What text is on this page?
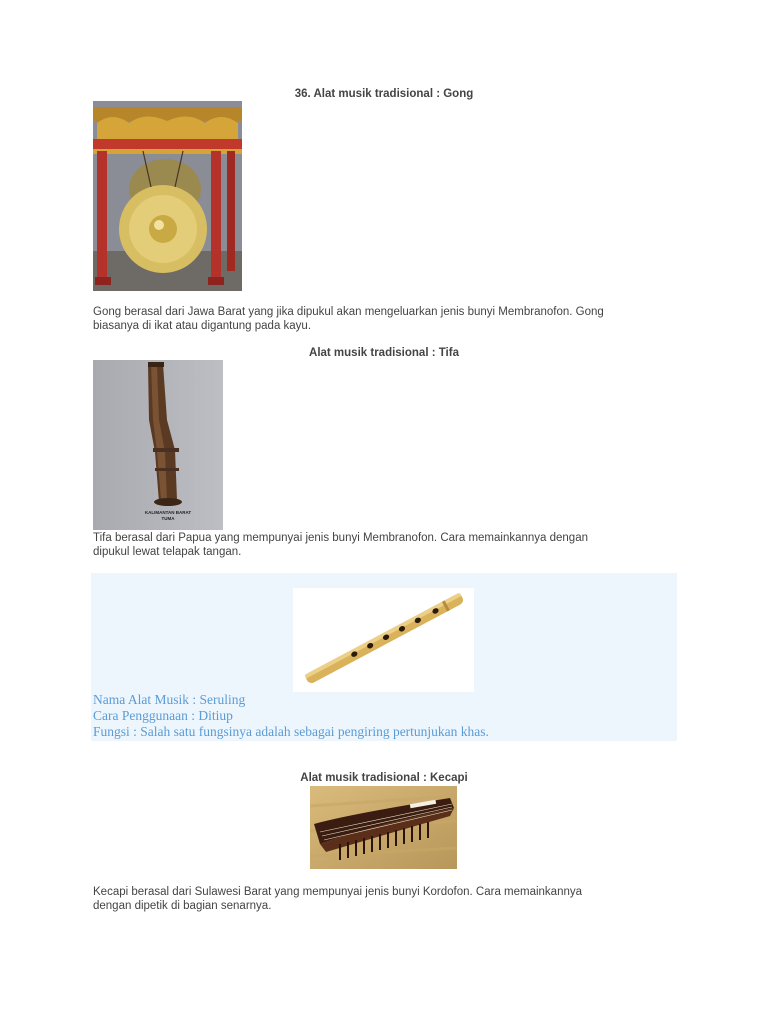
36. Alat musik tradisional : Gong
Gong berasal dari Jawa Barat yang jika dipukul akan mengeluarkan jenis bunyi Membranofon. Gong
biasanya di ikat atau digantung pada kayu.
Alat musik tradisional : Tifa
KALIMANTAN BARAT
TUMA
Tifa berasal dari Papua yang mempunyai jenis bunyi Membranofon. Cara memainkannya dengan
dipukul lewat telapak tangan.
Nama Alat Musik : Seruling
Cara Penggunaan : Ditiup
Fungsi : Salah satu fungsinya adalah sebagai pengiring pertunjukan khas.
Alat musik tradisional : Kecapi
Kecapi berasal dari Sulawesi Barat yang mempunyai jenis bunyi Kordofon. Cara memainkannya
dengan dipetik di bagian senarnya.
